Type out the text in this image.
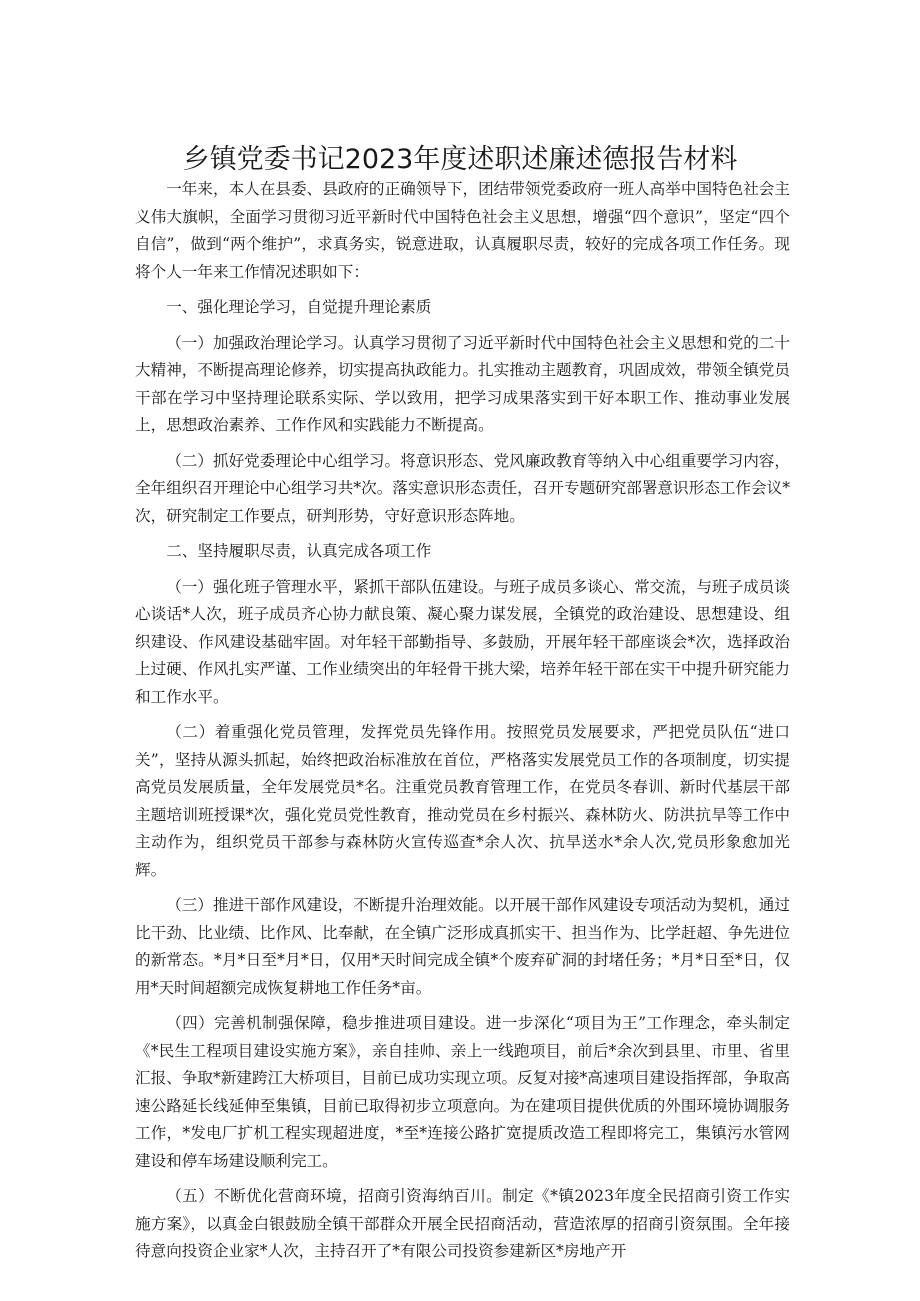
乡镇党委书记2023年度述职述廉述德报告材料

一年来，本人在县委、县政府的正确领导下，团结带领党委政府一班人高举中国特色社会主义伟大旗帜，全面学习贯彻习近平新时代中国特色社会主义思想，增强“四个意识”，坚定“四个自信”，做到“两个维护”，求真务实，锐意进取，认真履职尽责，较好的完成各项工作任务。现将个人一年来工作情况述职如下：

一、强化理论学习，自觉提升理论素质

（一）加强政治理论学习。认真学习贯彻了习近平新时代中国特色社会主义思想和党的二十大精神，不断提高理论修养，切实提高执政能力。扎实推动主题教育，巩固成效，带领全镇党员干部在学习中坚持理论联系实际、学以致用，把学习成果落实到干好本职工作、推动事业发展上，思想政治素养、工作作风和实践能力不断提高。

（二）抓好党委理论中心组学习。将意识形态、党风廉政教育等纳入中心组重要学习内容，全年组织召开理论中心组学习共*次。落实意识形态责任，召开专题研究部署意识形态工作会议*次，研究制定工作要点，研判形势，守好意识形态阵地。

二、坚持履职尽责，认真完成各项工作

（一）强化班子管理水平，紧抓干部队伍建设。与班子成员多谈心、常交流，与班子成员谈心谈话*人次，班子成员齐心协力献良策、凝心聚力谋发展，全镇党的政治建设、思想建设、组织建设、作风建设基础牢固。对年轻干部勤指导、多鼓励，开展年轻干部座谈会*次，选择政治上过硬、作风扎实严谨、工作业绩突出的年轻骨干挑大梁，培养年轻干部在实干中提升研究能力和工作水平。

（二）着重强化党员管理，发挥党员先锋作用。按照党员发展要求，严把党员队伍“进口关”，坚持从源头抓起，始终把政治标准放在首位，严格落实发展党员工作的各项制度，切实提高党员发展质量，全年发展党员*名。注重党员教育管理工作，在党员冬春训、新时代基层干部主题培训班授课*次，强化党员党性教育，推动党员在乡村振兴、森林防火、防洪抗旱等工作中主动作为，组织党员干部参与森林防火宣传巡查*余人次、抗旱送水*余人次,党员形象愈加光辉。

（三）推进干部作风建设，不断提升治理效能。以开展干部作风建设专项活动为契机，通过比干劲、比业绩、比作风、比奉献，在全镇广泛形成真抓实干、担当作为、比学赶超、争先进位的新常态。*月*日至*月*日，仅用*天时间完成全镇*个废弃矿洞的封堵任务；*月*日至*日，仅用*天时间超额完成恢复耕地工作任务*亩。

（四）完善机制强保障，稳步推进项目建设。进一步深化“项目为王”工作理念，牵头制定《*民生工程项目建设实施方案》，亲自挂帅、亲上一线跑项目，前后*余次到县里、市里、省里汇报、争取*新建跨江大桥项目，目前已成功实现立项。反复对接*高速项目建设指挥部，争取高速公路延长线延伸至集镇，目前已取得初步立项意向。为在建项目提供优质的外围环境协调服务工作，*发电厂扩机工程实现超进度，*至*连接公路扩宽提质改造工程即将完工，集镇污水管网建设和停车场建设顺利完工。

（五）不断优化营商环境，招商引资海纳百川。制定《*镇2023年度全民招商引资工作实施方案》，以真金白银鼓励全镇干部群众开展全民招商活动，营造浓厚的招商引资氛围。全年接待意向投资企业家*人次，主持召开了*有限公司投资参建新区*房地产开
